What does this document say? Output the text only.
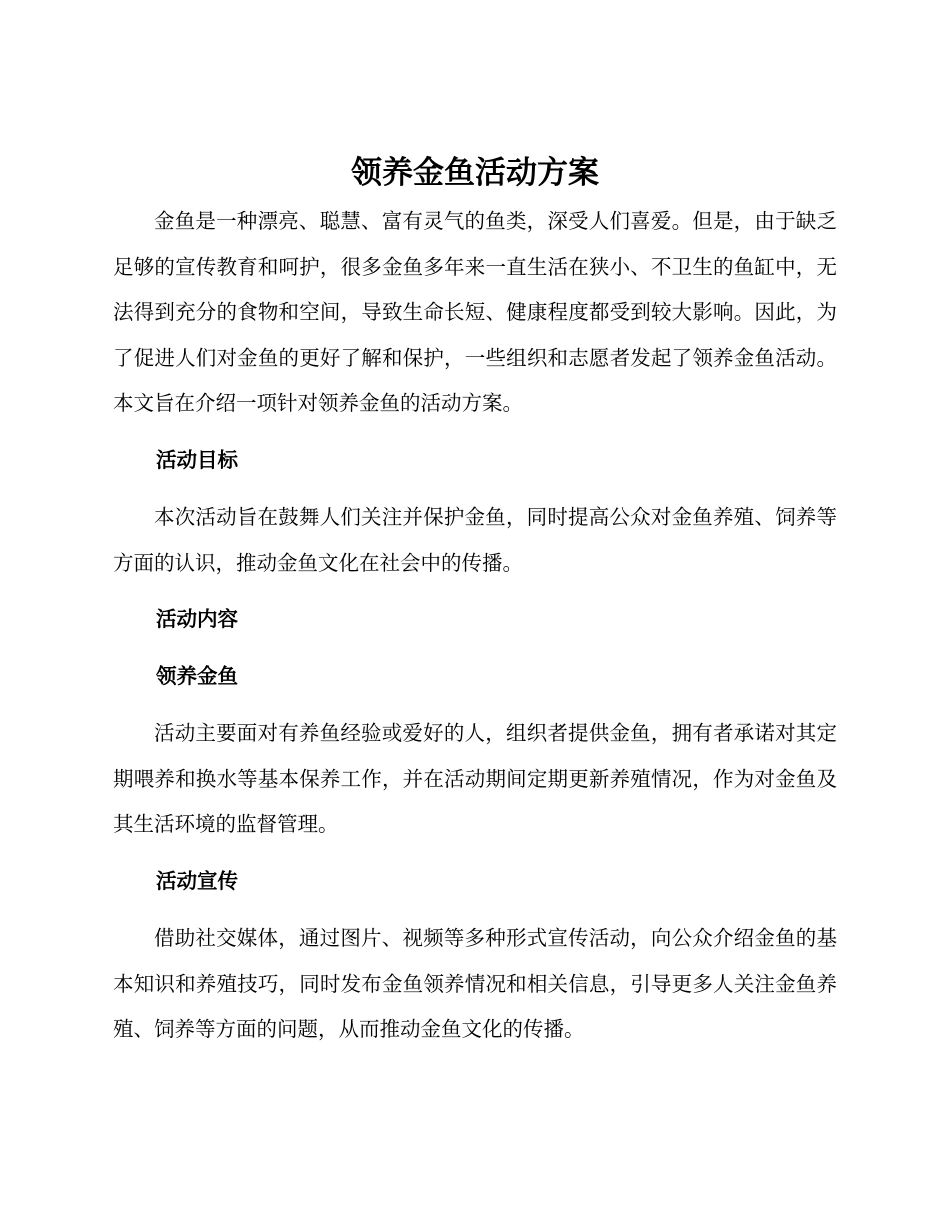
领养金鱼活动方案

金鱼是一种漂亮、聪慧、富有灵气的鱼类，深受人们喜爱。但是，由于缺乏足够的宣传教育和呵护，很多金鱼多年来一直生活在狭小、不卫生的鱼缸中，无法得到充分的食物和空间，导致生命长短、健康程度都受到较大影响。因此，为了促进人们对金鱼的更好了解和保护，一些组织和志愿者发起了领养金鱼活动。本文旨在介绍一项针对领养金鱼的活动方案。

活动目标

本次活动旨在鼓舞人们关注并保护金鱼，同时提高公众对金鱼养殖、饲养等方面的认识，推动金鱼文化在社会中的传播。

活动内容
领养金鱼

活动主要面对有养鱼经验或爱好的人，组织者提供金鱼，拥有者承诺对其定期喂养和换水等基本保养工作，并在活动期间定期更新养殖情况，作为对金鱼及其生活环境的监督管理。

活动宣传

借助社交媒体，通过图片、视频等多种形式宣传活动，向公众介绍金鱼的基本知识和养殖技巧，同时发布金鱼领养情况和相关信息，引导更多人关注金鱼养殖、饲养等方面的问题，从而推动金鱼文化的传播。
